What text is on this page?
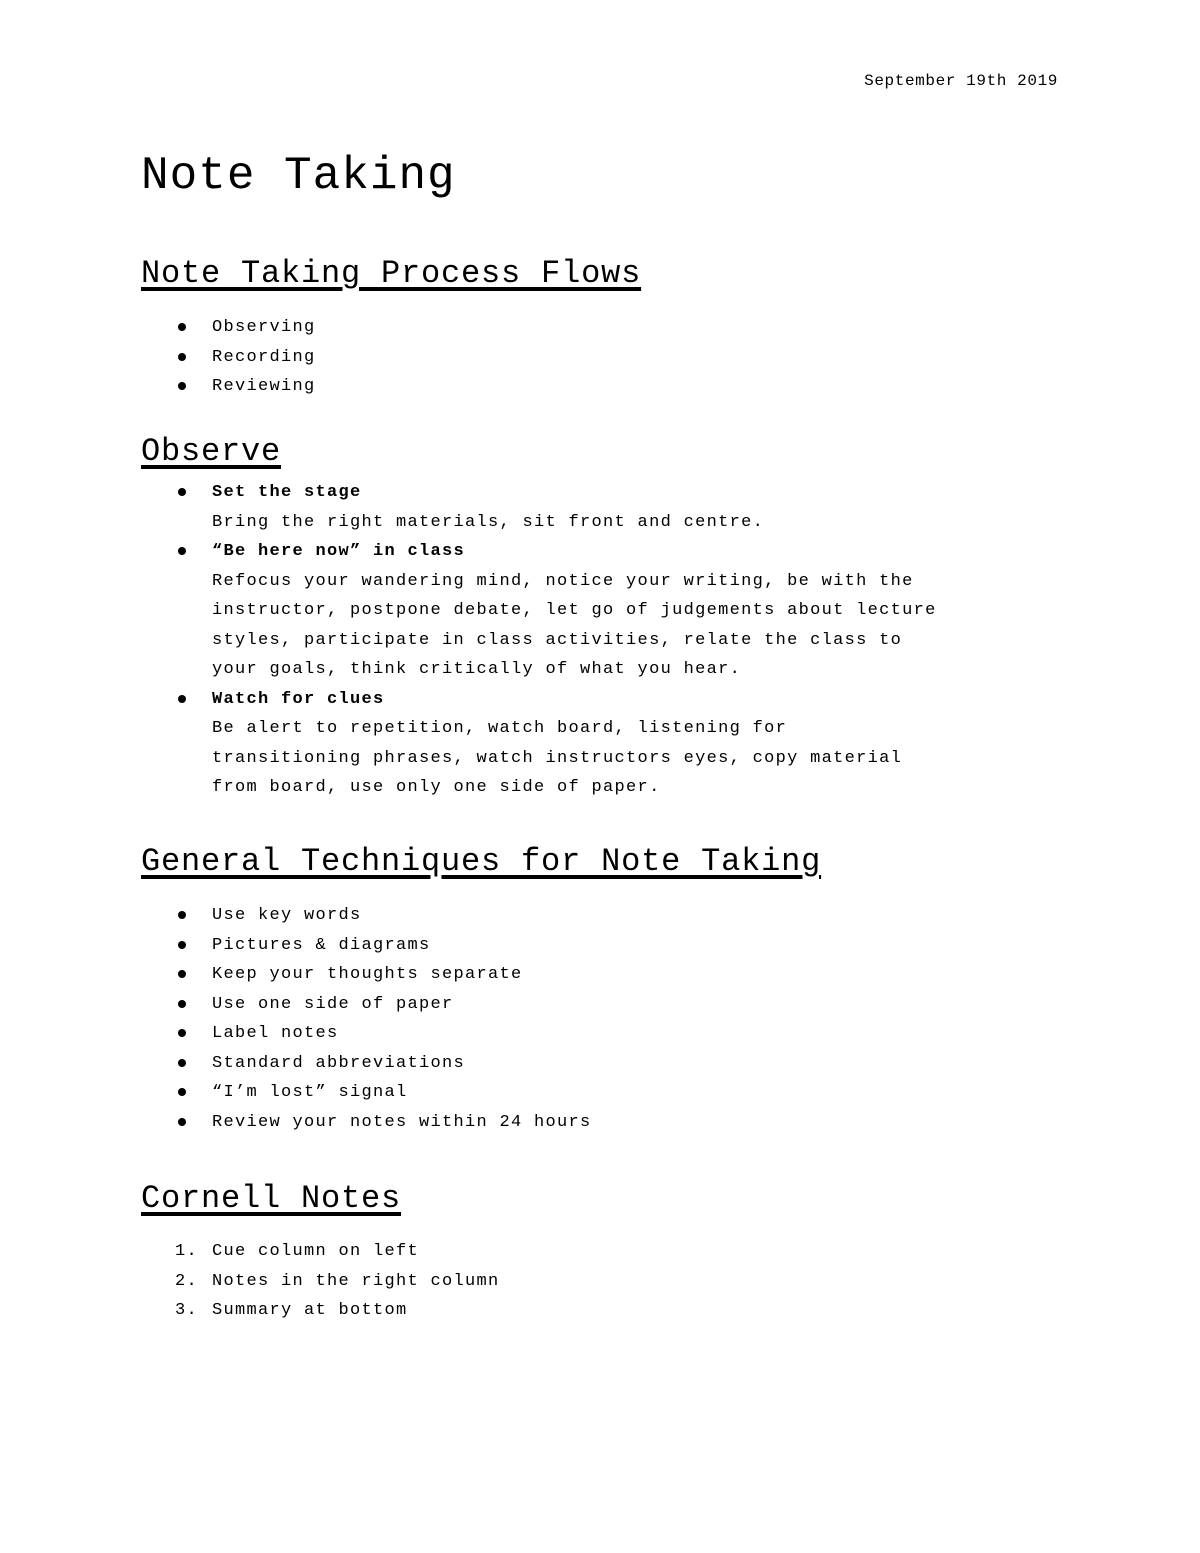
September 19th 2019

Note Taking
Note Taking Process Flows
Observing
Recording
Reviewing
Observe
Set the stage
Bring the right materials, sit front and centre.
“Be here now” in class
Refocus your wandering mind, notice your writing, be with the
instructor, postpone debate, let go of judgements about lecture
styles, participate in class activities, relate the class to
your goals, think critically of what you hear.
Watch for clues
Be alert to repetition, watch board, listening for
transitioning phrases, watch instructors eyes, copy material
from board, use only one side of paper.
General Techniques for Note Taking
Use key words
Pictures & diagrams
Keep your thoughts separate
Use one side of paper
Label notes
Standard abbreviations
“I’m lost” signal
Review your notes within 24 hours
Cornell Notes
1. Cue column on left
2. Notes in the right column
3. Summary at bottom
